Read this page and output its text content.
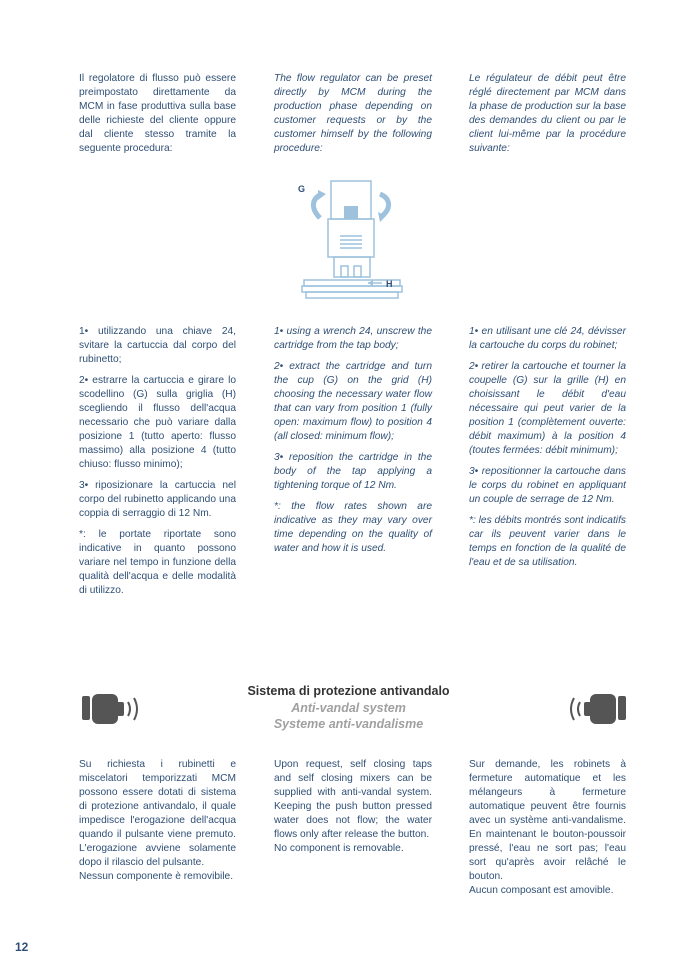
Il regolatore di flusso può essere preimpostato direttamente da MCM in fase produttiva sulla base delle richieste del cliente oppure dal cliente stesso tramite la seguente procedura:

The flow regulator can be preset directly by MCM during the production phase depending on customer requests or by the customer himself by the following procedure:

Le régulateur de débit peut être réglé directement par MCM dans la phase de production sur la base des demandes du client ou par le client lui-même par la procédure suivante:

G
H

1• utilizzando una chiave 24, svitare la cartuccia dal corpo del rubinetto;

2• estrarre la cartuccia e girare lo scodellino (G) sulla griglia (H) scegliendo il flusso dell'acqua necessario che può variare dalla posizione 1 (tutto aperto: flusso massimo) alla posizione 4 (tutto chiuso: flusso minimo);

3• riposizionare la cartuccia nel corpo del rubinetto applicando una coppia di serraggio di 12 Nm.

*: le portate riportate sono indicative in quanto possono variare nel tempo in funzione della qualità dell'acqua e delle modalità di utilizzo.

1• using a wrench 24, unscrew the cartridge from the tap body;

2• extract the cartridge and turn the cup (G) on the grid (H) choosing the necessary water flow that can vary from position 1 (fully open: maximum flow) to position 4 (all closed: minimum flow);

3• reposition the cartridge in the body of the tap applying a tightening torque of 12 Nm.

*: the flow rates shown are indicative as they may vary over time depending on the quality of water and how it is used.

1• en utilisant une clé 24, dévisser la cartouche du corps du robinet;

2• retirer la cartouche et tourner la coupelle (G) sur la grille (H) en choisissant le débit d'eau nécessaire qui peut varier de la position 1 (complètement ouverte: débit maximum) à la position 4 (toutes fermées: débit minimum);

3• repositionner la cartouche dans le corps du robinet en appliquant un couple de serrage de 12 Nm.

*: les débits montrés sont indicatifs car ils peuvent varier dans le temps en fonction de la qualité de l'eau et de sa utilisation.

Sistema di protezione antivandalo
Anti-vandal system
Systeme anti-vandalisme

Su richiesta i rubinetti e miscelatori temporizzati MCM possono essere dotati di sistema di protezione antivandalo, il quale impedisce l'erogazione dell'acqua quando il pulsante viene premuto. L'erogazione avviene solamente dopo il rilascio del pulsante.

Nessun componente è removibile.

Upon request, self closing taps and self closing mixers can be supplied with anti-vandal system. Keeping the push button pressed water does not flow; the water flows only after release the button.

No component is removable.

Sur demande, les robinets à fermeture automatique et les mélangeurs à fermeture automatique peuvent être fournis avec un système anti-vandalisme. En maintenant le bouton-poussoir pressé, l'eau ne sort pas; l'eau sort qu'après avoir relâché le bouton.

Aucun composant est amovible.

12
